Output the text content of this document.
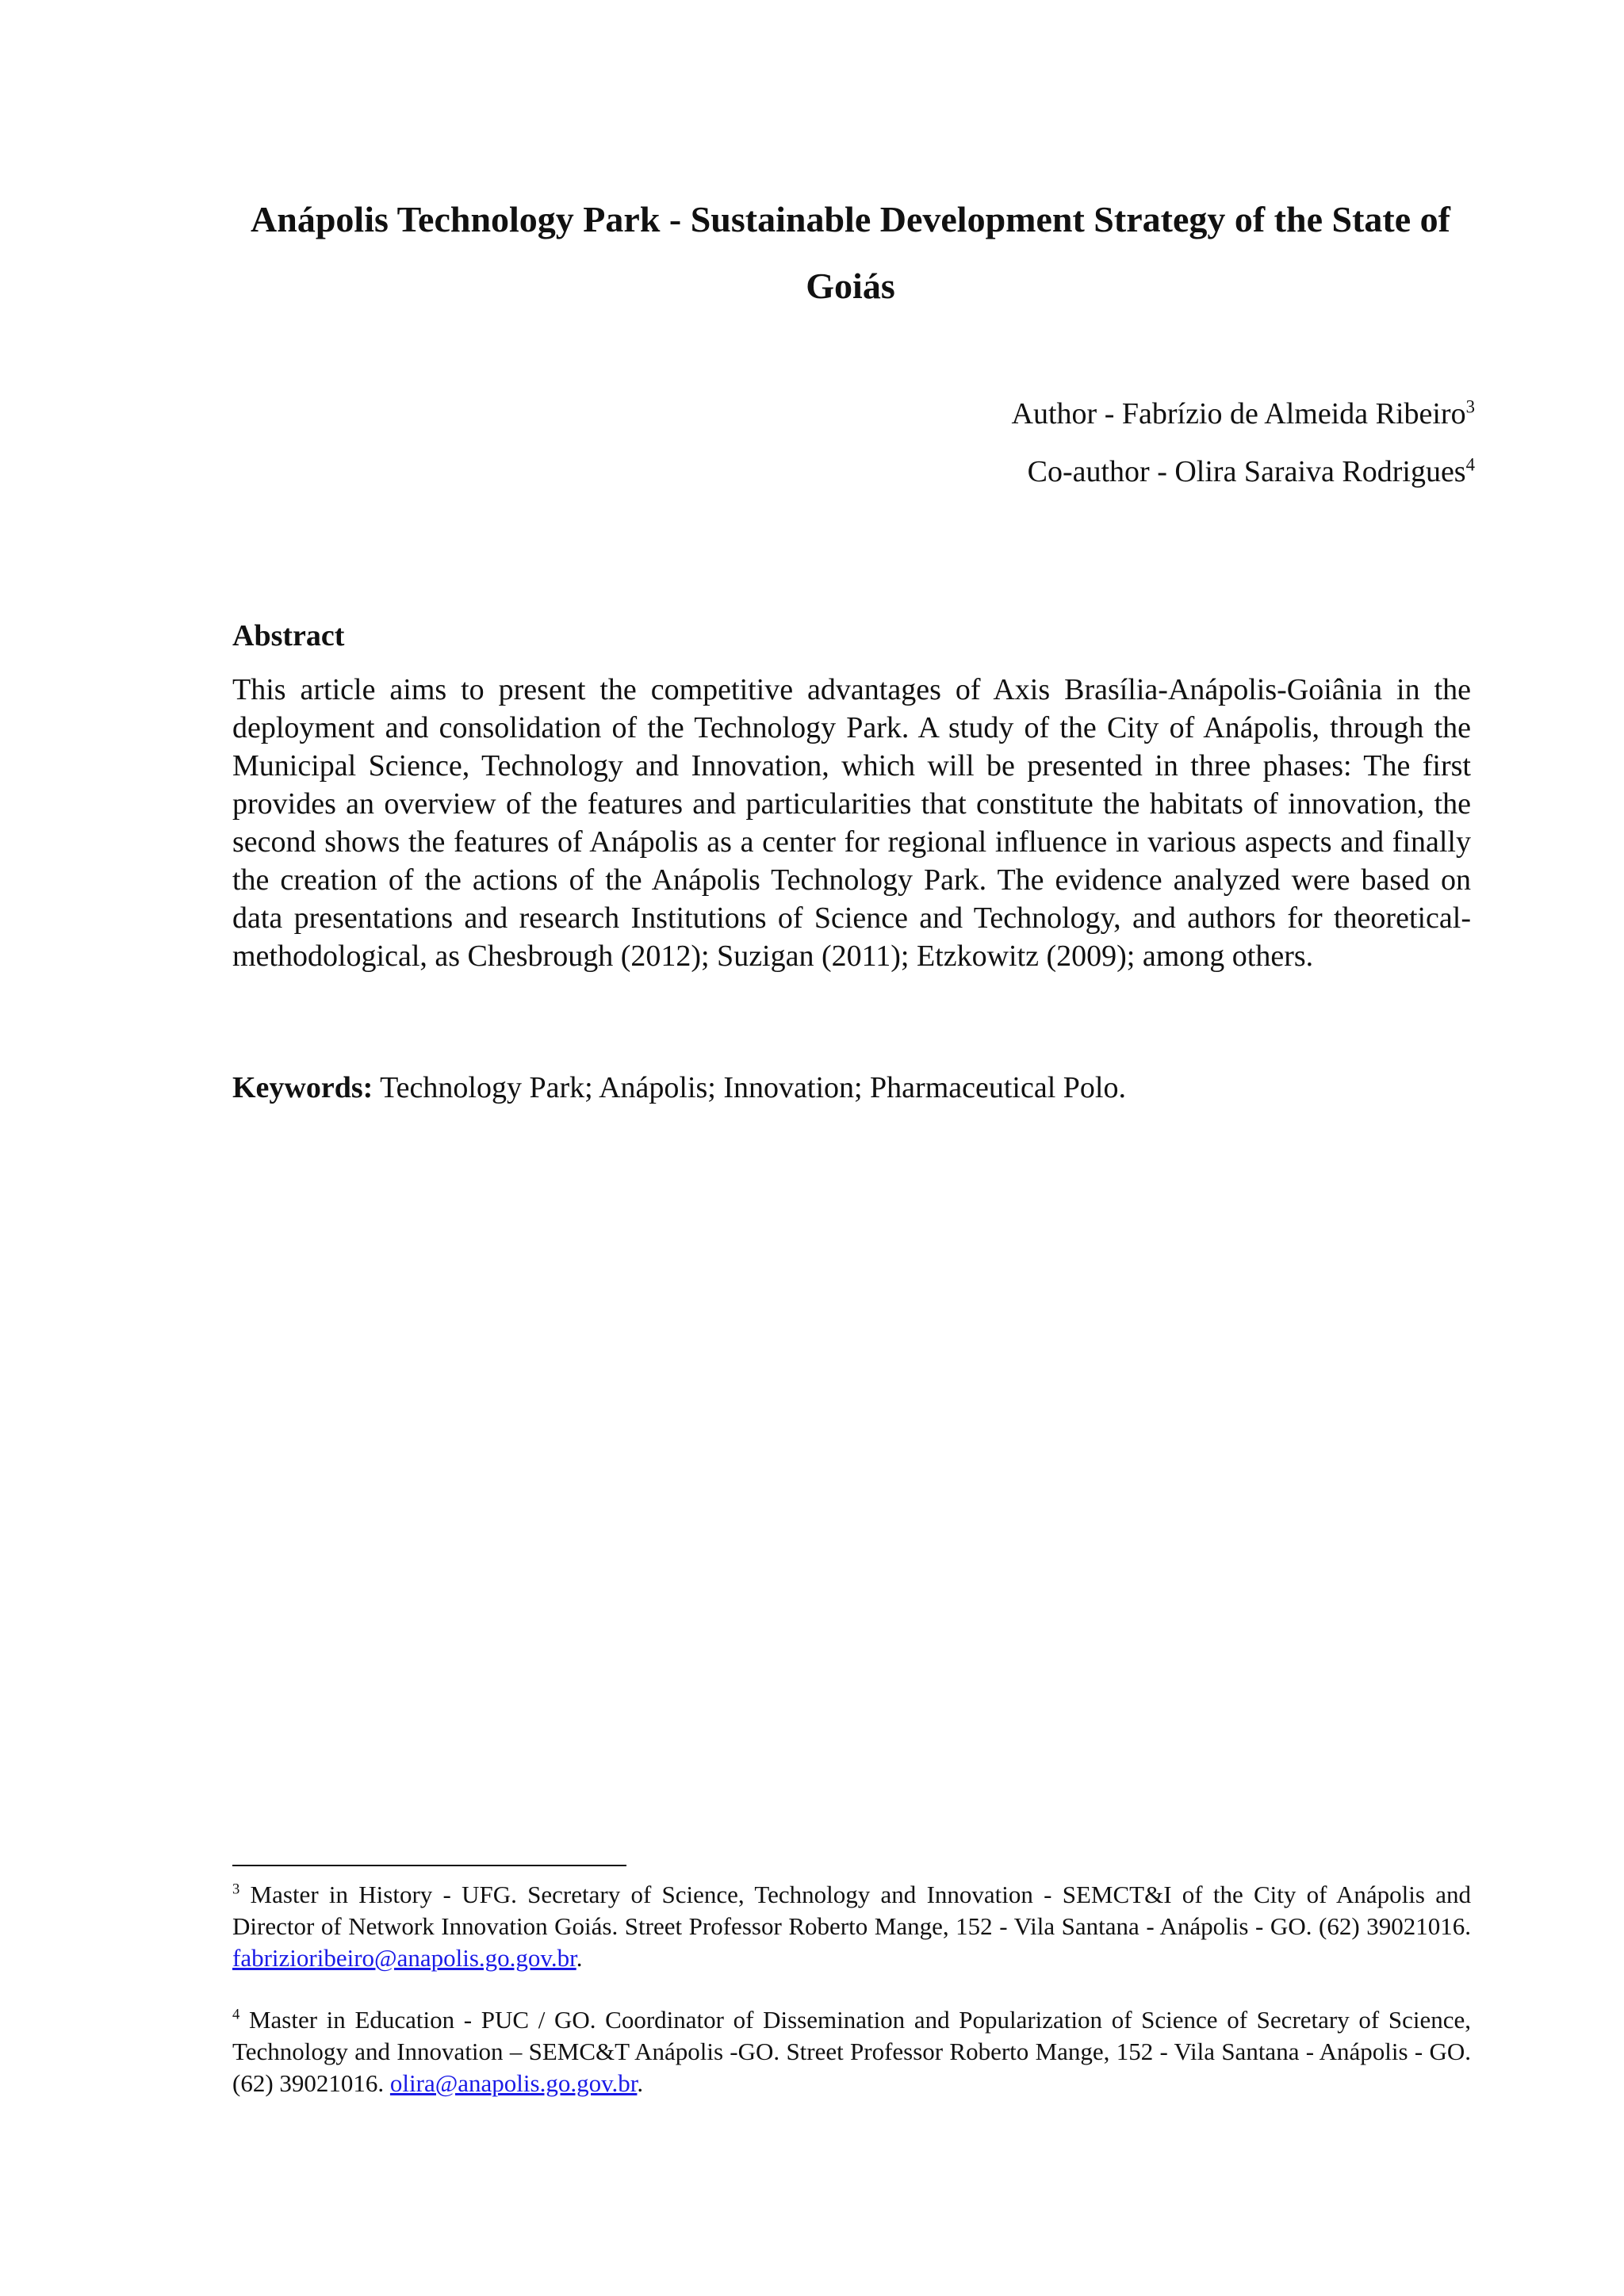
Anápolis Technology Park - Sustainable Development Strategy of the State of Goiás
Author - Fabrízio de Almeida Ribeiro$^3$
Co-author - Olira Saraiva Rodrigues$^4$
Abstract

This article aims to present the competitive advantages of Axis Brasília-Anápolis-Goiânia in the deployment and consolidation of the Technology Park. A study of the City of Anápolis, through the Municipal Science, Technology and Innovation, which will be presented in three phases: The first provides an overview of the features and particularities that constitute the habitats of innovation, the second shows the features of Anápolis as a center for regional influence in various aspects and finally the creation of the actions of the Anápolis Technology Park. The evidence analyzed were based on data presentations and research Institutions of Science and Technology, and authors for theoretical-methodological, as Chesbrough (2012); Suzigan (2011); Etzkowitz (2009); among others.

Keywords: Technology Park; Anápolis; Innovation; Pharmaceutical Polo.

$^3$ Master in History - UFG. Secretary of Science, Technology and Innovation - SEMCT&I of the City of Anápolis and Director of Network Innovation Goiás. Street Professor Roberto Mange, 152 - Vila Santana - Anápolis - GO. (62) 39021016. fabrizioribeiro@anapolis.go.gov.br.

$^4$ Master in Education - PUC / GO. Coordinator of Dissemination and Popularization of Science of Secretary of Science, Technology and Innovation – SEMC&T Anápolis -GO. Street Professor Roberto Mange, 152 - Vila Santana - Anápolis - GO. (62) 39021016. olira@anapolis.go.gov.br.
